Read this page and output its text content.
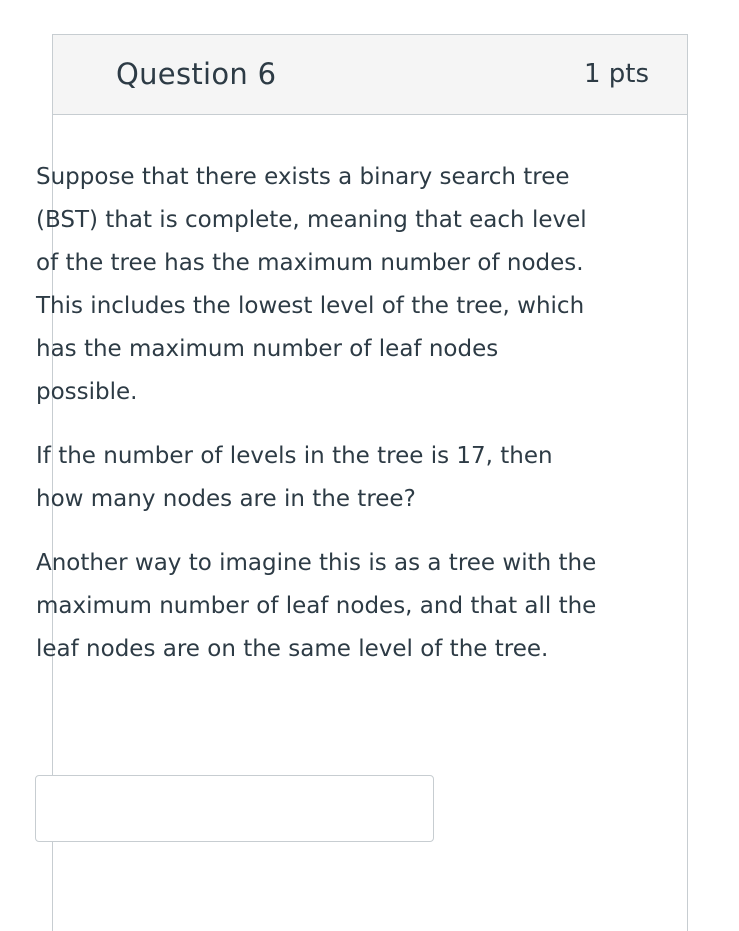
Question 6	1 pts

Suppose that there exists a binary search tree (BST) that is complete, meaning that each level of the tree has the maximum number of nodes. This includes the lowest level of the tree, which has the maximum number of leaf nodes possible.

If the number of levels in the tree is 17, then how many nodes are in the tree?

Another way to imagine this is as a tree with the maximum number of leaf nodes, and that all the leaf nodes are on the same level of the tree.
